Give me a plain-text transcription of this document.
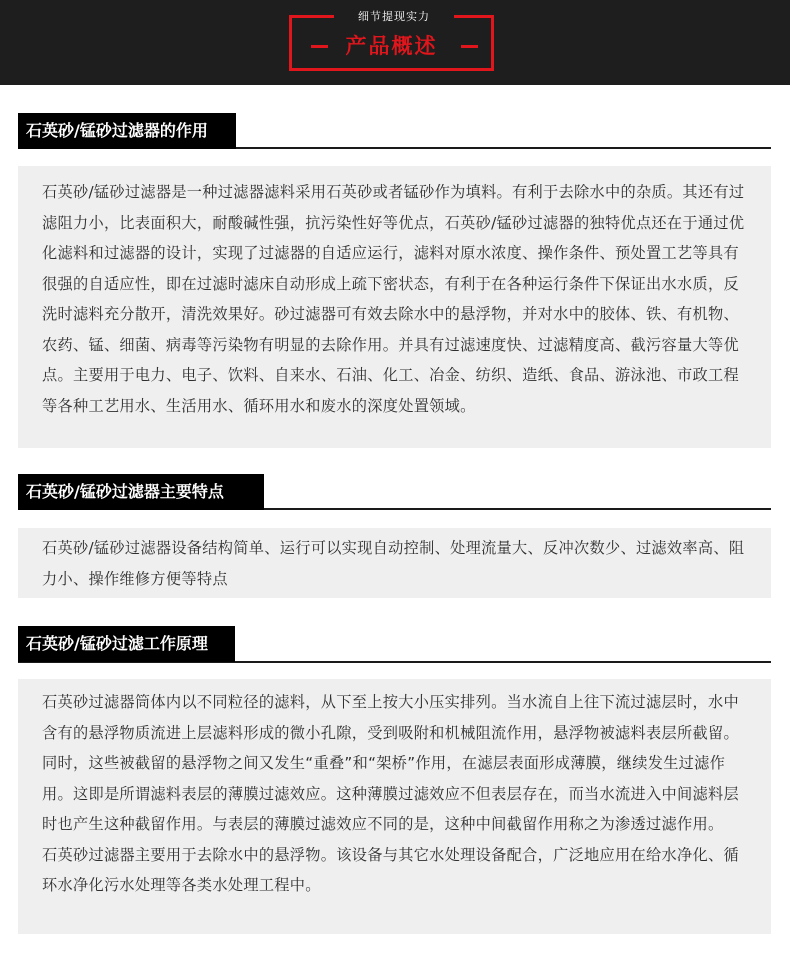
细节提现实力
产品概述
石英砂/锰砂过滤器的作用

石英砂/锰砂过滤器是一种过滤器滤料采用石英砂或者锰砂作为填料。有利于去除水中的杂质。其还有过滤阻力小，比表面积大，耐酸碱性强，抗污染性好等优点，石英砂/锰砂过滤器的独特优点还在于通过优化滤料和过滤器的设计，实现了过滤器的自适应运行，滤料对原水浓度、操作条件、预处置工艺等具有很强的自适应性，即在过滤时滤床自动形成上疏下密状态，有利于在各种运行条件下保证出水水质，反洗时滤料充分散开，清洗效果好。砂过滤器可有效去除水中的悬浮物，并对水中的胶体、铁、有机物、农药、锰、细菌、病毒等污染物有明显的去除作用。并具有过滤速度快、过滤精度高、截污容量大等优点。主要用于电力、电子、饮料、自来水、石油、化工、冶金、纺织、造纸、食品、游泳池、市政工程等各种工艺用水、生活用水、循环用水和废水的深度处置领域。

石英砂/锰砂过滤器主要特点

石英砂/锰砂过滤器设备结构简单、运行可以实现自动控制、处理流量大、反冲次数少、过滤效率高、阻力小、操作维修方便等特点

石英砂/锰砂过滤工作原理

石英砂过滤器筒体内以不同粒径的滤料，从下至上按大小压实排列。当水流自上往下流过滤层时，水中含有的悬浮物质流进上层滤料形成的微小孔隙，受到吸附和机械阻流作用，悬浮物被滤料表层所截留。同时，这些被截留的悬浮物之间又发生“重叠”和“架桥”作用，在滤层表面形成薄膜，继续发生过滤作用。这即是所谓滤料表层的薄膜过滤效应。这种薄膜过滤效应不但表层存在，而当水流进入中间滤料层时也产生这种截留作用。与表层的薄膜过滤效应不同的是，这种中间截留作用称之为渗透过滤作用。

石英砂过滤器主要用于去除水中的悬浮物。该设备与其它水处理设备配合，广泛地应用在给水净化、循环水净化污水处理等各类水处理工程中。
